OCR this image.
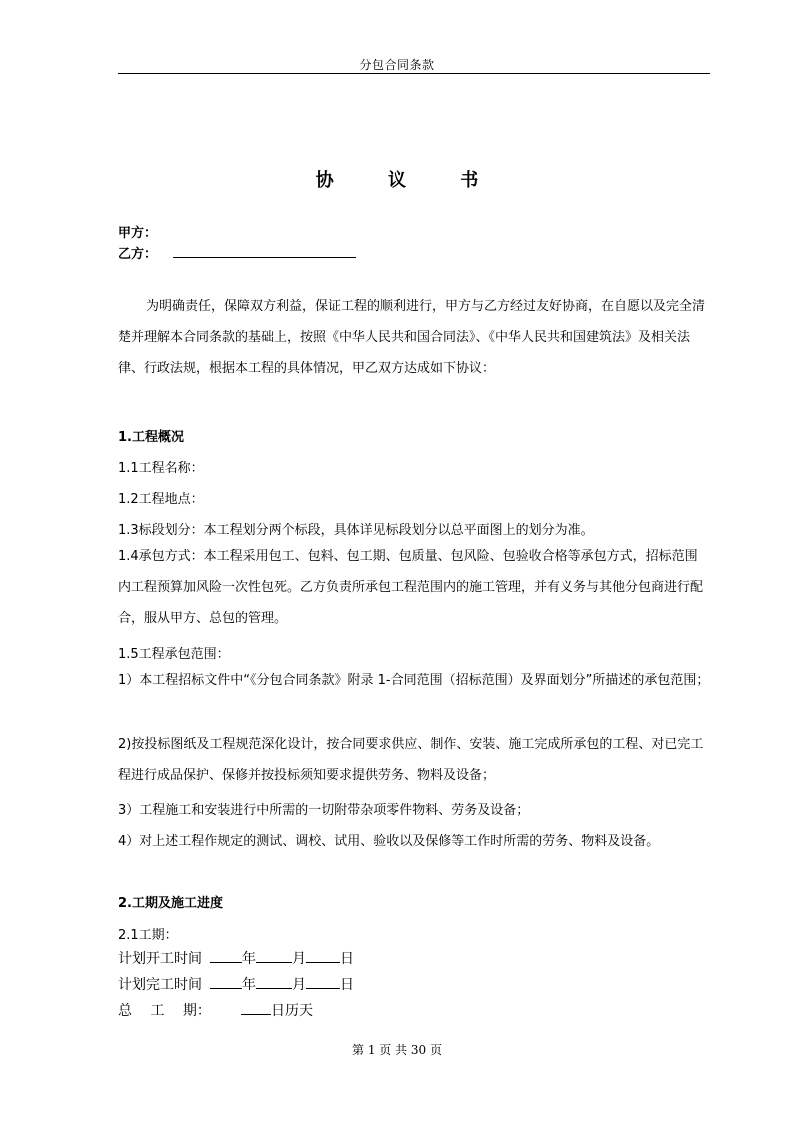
分包合同条款
协 议 书
甲方：
乙方：
为明确责任，保障双方利益，保证工程的顺利进行，甲方与乙方经过友好协商，在自愿以及完全清楚并理解本合同条款的基础上，按照《中华人民共和国合同法》、《中华人民共和国建筑法》及相关法律、行政法规，根据本工程的具体情况，甲乙双方达成如下协议：
1.工程概况
1.1工程名称：
1.2工程地点：
1.3标段划分：本工程划分两个标段，具体详见标段划分以总平面图上的划分为准。
1.4承包方式：本工程采用包工、包料、包工期、包质量、包风险、包验收合格等承包方式，招标范围内工程预算加风险一次性包死。乙方负责所承包工程范围内的施工管理，并有义务与其他分包商进行配合，服从甲方、总包的管理。
1.5工程承包范围：
1）本工程招标文件中“《分包合同条款》附录 1-合同范围（招标范围）及界面划分”所描述的承包范围；
2)按投标图纸及工程规范深化设计，按合同要求供应、制作、安装、施工完成所承包的工程、对已完工程进行成品保护、保修并按投标须知要求提供劳务、物料及设备；
3）工程施工和安装进行中所需的一切附带杂项零件物料、劳务及设备；
4）对上述工程作规定的测试、调校、试用、验收以及保修等工作时所需的劳务、物料及设备。
2.工期及施工进度
2.1工期：
计划开工时间	年	月 日
计划完工时间	年	月 日
总　 工　 期：	日历天
第 1 页 共 30 页
